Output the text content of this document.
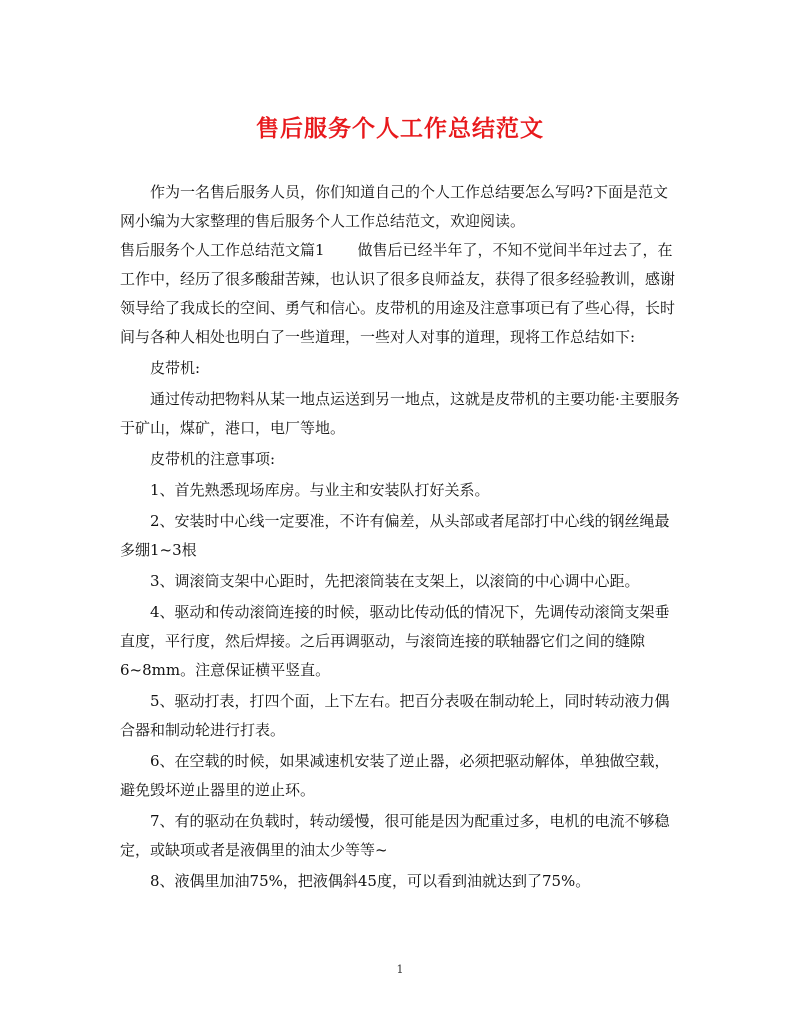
售后服务个人工作总结范文

作为一名售后服务人员，你们知道自己的个人工作总结要怎么写吗?下面是范文网小编为大家整理的售后服务个人工作总结范文，欢迎阅读。

售后服务个人工作总结范文篇1 做售后已经半年了，不知不觉间半年过去了，在工作中，经历了很多酸甜苦辣，也认识了很多良师益友，获得了很多经验教训，感谢领导给了我成长的空间、勇气和信心。皮带机的用途及注意事项已有了些心得，长时间与各种人相处也明白了一些道理，一些对人对事的道理，现将工作总结如下:

皮带机:

通过传动把物料从某一地点运送到另一地点，这就是皮带机的主要功能·主要服务于矿山，煤矿，港口，电厂等地。

皮带机的注意事项:

1、首先熟悉现场库房。与业主和安装队打好关系。

2、安装时中心线一定要准，不许有偏差，从头部或者尾部打中心线的钢丝绳最多绷1~3根

3、调滚筒支架中心距时，先把滚筒装在支架上，以滚筒的中心调中心距。

4、驱动和传动滚筒连接的时候，驱动比传动低的情况下，先调传动滚筒支架垂直度，平行度，然后焊接。之后再调驱动，与滚筒连接的联轴器它们之间的缝隙6~8mm。注意保证横平竖直。

5、驱动打表，打四个面，上下左右。把百分表吸在制动轮上，同时转动液力偶合器和制动轮进行打表。

6、在空载的时候，如果减速机安装了逆止器，必须把驱动解体，单独做空载，避免毁坏逆止器里的逆止环。

7、有的驱动在负载时，转动缓慢，很可能是因为配重过多，电机的电流不够稳定，或缺项或者是液偶里的油太少等等~

8、液偶里加油75%，把液偶斜45度，可以看到油就达到了75%。

1
